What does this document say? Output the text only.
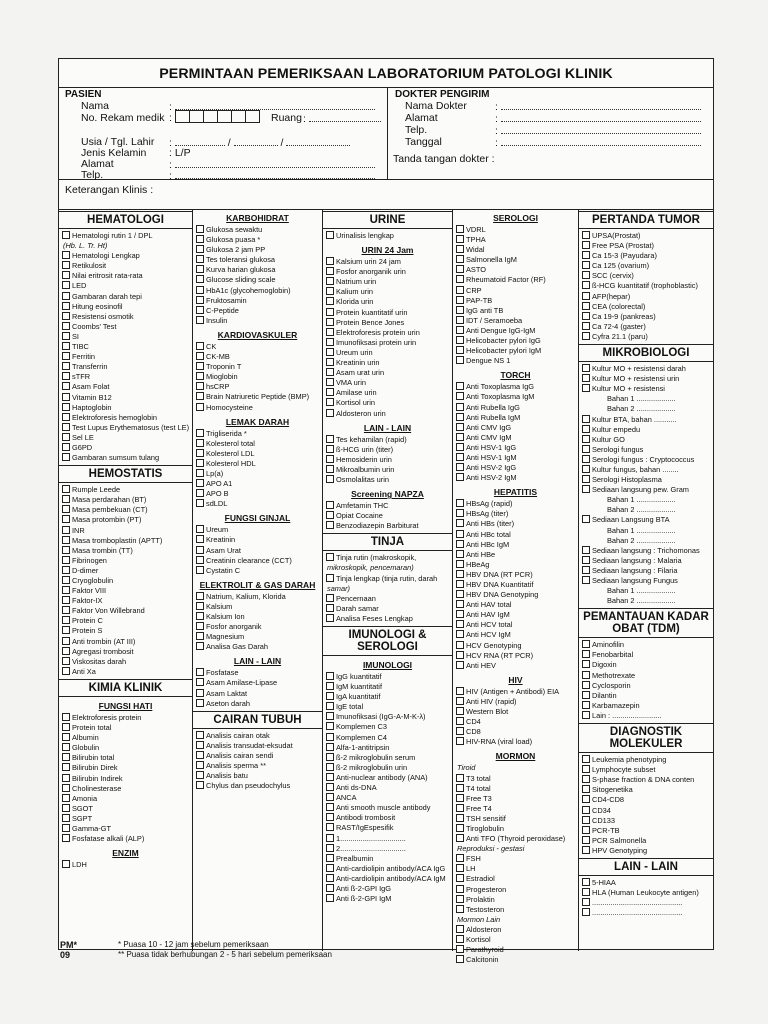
PERMINTAAN PEMERIKSAAN LABORATORIUM PATOLOGI KLINIK
PASIEN
Nama	:
No. Rekam medik :	Ruang :
Usia / Tgl. Lahir :	/	/
Jenis Kelamin : L/P
Alamat	:
Telp.	:
DOKTER PENGIRIM
Nama Dokter	:
Alamat	:
Telp.	:
Tanggal	:
Tanda tangan dokter :
Keterangan Klinis :
HEMATOLOGI
Hematologi rutin 1 / DPL
(Hb. L. Tr. Ht)
Hematologi Lengkap
Retikulosit
Nilai eritrosit rata-rata
LED
Gambaran darah tepi
Hitung eosinofil
Resistensi osmotik
Coombs' Test
SI
TIBC
Ferritin
Transferrin
sTFR
Asam Folat
Vitamin B12
Haptoglobin
Elektroforesis hemoglobin
Test Lupus Erythematosus (test LE)
Sel LE
G6PD
Gambaran sumsum tulang
HEMOSTATIS
Rumple Leede
Masa perdarahan (BT)
Masa pembekuan (CT)
Masa protombin (PT)
INR
Masa tromboplastin (APTT)
Masa trombin (TT)
Fibrinogen
D-dimer
Cryoglobulin
Faktor VIII
Faktor-IX
Faktor Von Willebrand
Protein C
Protein S
Anti trombin (AT III)
Agregasi trombosit
Viskositas darah
Anti Xa
KIMIA KLINIK
FUNGSI HATI
Elektroforesis protein
Protein total
Albumin
Globulin
Bilirubin total
Bilirubin Direk
Bilirubin Indirek
Cholinesterase
Amonia
SGOT
SGPT
Gamma-GT
Fosfatase alkali (ALP)
ENZIM
LDH
KARBOHIDRAT
Glukosa sewaktu
Glukosa puasa *
Glukosa 2 jam PP
Tes toleransi glukosa
Kurva harian glukosa
Glucose sliding scale
HbA1c (glycohemoglobin)
Fruktosamin
C-Peptide
Insulin
KARDIOVASKULER
CK
CK-MB
Troponin T
Mioglobin
hsCRP
Brain Natriuretic Peptide (BMP)
Homocysteine
LEMAK DARAH
Trigliserida *
Kolesterol total
Kolesterol LDL
Kolesterol HDL
Lp(a)
APO A1
APO B
sdLDL
FUNGSI GINJAL
Ureum
Kreatinin
Asam Urat
Creatinin clearance (CCT)
Cystatin C
ELEKTROLIT & GAS DARAH
Natrium, Kalium, Klorida
Kalsium
Kalsium Ion
Fosfor anorganik
Magnesium
Analisa Gas Darah
LAIN - LAIN
Fosfatase
Asam Amilase-Lipase
Asam Laktat
Aseton darah
CAIRAN TUBUH
Analisis cairan otak
Analisis transudat-eksudat
Analisis cairan sendi
Analisis sperma **
Analisis batu
Chylus dan pseudochylus
URINE
Urinalisis lengkap
URIN 24 Jam
Kalsium urin 24 jam
Fosfor anorganik urin
Natrium urin
Kalium urin
Klorida urin
Protein kuantitatif urin
Protein Bence Jones
Elektroforesis protein urin
Imunofiksasi protein urin
Ureum urin
Kreatinin urin
Asam urat urin
VMA urin
Amilase urin
Kortisol urin
Aldosteron urin
LAIN - LAIN
Tes kehamilan (rapid)
ß-HCG urin (titer)
Hemosiderin urin
Mikroalbumin urin
Osmolalitas urin
Screening NAPZA
Amfetamin THC
Opiat Cocaine
Benzodiazepin Barbiturat
TINJA
Tinja rutin (makroskopik,
mikroskopik, pencemaran)
Tinja lengkap (tinja rutin, darah
samar)
Pencernaan
Darah samar
Analisa Feses Lengkap
IMUNOLOGI & SEROLOGI
IMUNOLOGI
IgG kuantitatif
IgM kuantitatif
IgA kuantitatif
IgE total
Imunofiksasi (IgG-A-M-K-λ)
Komplemen C3
Komplemen C4
Alfa-1-antitripsin
ß-2 mikroglobulin serum
ß-2 mikroglobulin urin
Anti-nuclear antibody (ANA)
Anti ds-DNA
ANCA
Anti smooth muscle antibody
Antibodi trombosit
RAST/IgEspesifik
1................................
2................................
Prealbumin
Anti-cardiolipin antibody/ACA IgG
Anti-cardiolipin antibody/ACA IgM
Anti ß-2-GPI IgG
Anti ß-2-GPI IgM
SEROLOGI
VDRL
TPHA
Widal
Salmonella IgM
ASTO
Rheumatoid Factor (RF)
CRP
PAP-TB
IgG anti TB
IDT / Seramoeba
Anti Dengue IgG-IgM
Helicobacter pylori IgG
Helicobacter pylori IgM
Dengue NS 1
TORCH
Anti Toxoplasma IgG
Anti Toxoplasma IgM
Anti Rubella IgG
Anti Rubella IgM
Anti CMV IgG
Anti CMV IgM
Anti HSV-1 IgG
Anti HSV-1 IgM
Anti HSV-2 IgG
Anti HSV-2 IgM
HEPATITIS
HBsAg (rapid)
HBsAg (titer)
Anti HBs (titer)
Anti HBc total
Anti HBc IgM
Anti HBe
HBeAg
HBV DNA (RT PCR)
HBV DNA Kuantitatif
HBV DNA Genotyping
Anti HAV total
Anti HAV IgM
Anti HCV total
Anti HCV IgM
HCV Genotyping
HCV RNA (RT PCR)
Anti HEV
HIV
HIV (Antigen + Antibodi) EIA
Anti HIV (rapid)
Western Blot
CD4
CD8
HIV-RNA (viral load)
MORMON
Tiroid
T3 total
T4 total
Free T3
Free T4
TSH sensitif
Tiroglobulin
Anti TFO (Thyroid peroxidase)
Reproduksi - gestasi
FSH
LH
Estradiol
Progesteron
Prolaktin
Testosteron
Mormon Lain
Aldosteron
Kortisol
Parathyroid
Calcitonin
PERTANDA TUMOR
UPSA(Prostat)
Free PSA (Prostat)
Ca 15-3 (Payudara)
Ca 125 (ovarium)
SCC (cervix)
ß-HCG kuantitatif (trophoblastic)
AFP(hepar)
CEA (colorectal)
Ca 19-9 (pankreas)
Ca 72-4 (gaster)
Cyfra 21.1 (paru)
MIKROBIOLOGI
Kultur MO + resistensi darah
Kultur MO + resistensi urin
Kultur MO + resistensi
Bahan 1 ...................
Bahan 2 ...................
Kultur BTA, bahan ...........
Kultur empedu
Kultur GO
Serologi fungus
Serologi fungus : Cryptococcus
Kultur fungus, bahan ........
Serologi Histoplasma
Sediaan langsung pew. Gram
Bahan 1 ...................
Bahan 2 ...................
Sediaan Langsung BTA
Bahan 1 ...................
Bahan 2 ...................
Sediaan langsung : Trichomonas
Sediaan langsung : Malaria
Sediaan langsung : Filaria
Sediaan langsung Fungus
Bahan 1 ...................
Bahan 2 ...................
PEMANTAUAN KADAR OBAT (TDM)
Aminofilin
Fenobarbital
Digoxin
Methotrexate
Cyclosporin
Dilantin
Karbamazepin
Lain : ........................
DIAGNOSTIK MOLEKULER
Leukemia phenotyping
Lymphocyte subset
S-phase fraction & DNA conten
Sitogenetika
CD4-CD8
CD34
CD133
PCR-TB
PCR Salmonella
HPV Genotyping
LAIN - LAIN
5-HIAA
HLA (Human Leukocyte antigen)
............................................
............................................
PM* 09
* Puasa 10 - 12 jam sebelum pemeriksaan
** Puasa tidak berhubungan 2 - 5 hari sebelum pemeriksaan
